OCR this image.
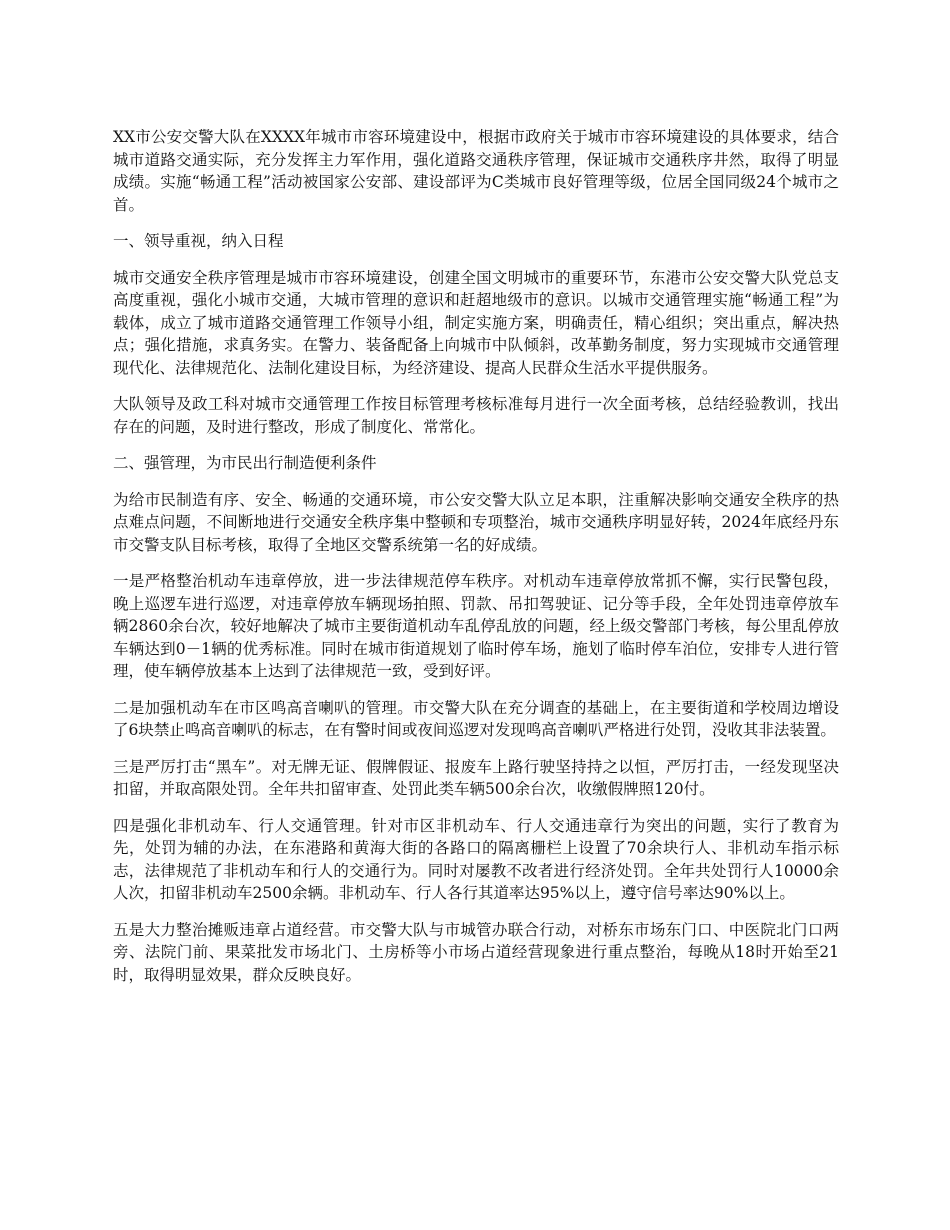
XX市公安交警大队在XXXX年城市市容环境建设中，根据市政府关于城市市容环境建设的具体要求，结合城市道路交通实际，充分发挥主力军作用，强化道路交通秩序管理，保证城市交通秩序井然，取得了明显成绩。实施“畅通工程”活动被国家公安部、建设部评为C类城市良好管理等级，位居全国同级24个城市之首。

一、领导重视，纳入日程

城市交通安全秩序管理是城市市容环境建设，创建全国文明城市的重要环节，东港市公安交警大队党总支高度重视，强化小城市交通，大城市管理的意识和赶超地级市的意识。以城市交通管理实施“畅通工程”为载体，成立了城市道路交通管理工作领导小组，制定实施方案，明确责任，精心组织；突出重点，解决热点；强化措施，求真务实。在警力、装备配备上向城市中队倾斜，改革勤务制度，努力实现城市交通管理现代化、法律规范化、法制化建设目标，为经济建设、提高人民群众生活水平提供服务。

大队领导及政工科对城市交通管理工作按目标管理考核标准每月进行一次全面考核，总结经验教训，找出存在的问题，及时进行整改，形成了制度化、常常化。

二、强管理，为市民出行制造便利条件

为给市民制造有序、安全、畅通的交通环境，市公安交警大队立足本职，注重解决影响交通安全秩序的热点难点问题，不间断地进行交通安全秩序集中整顿和专项整治，城市交通秩序明显好转，2024年底经丹东市交警支队目标考核，取得了全地区交警系统第一名的好成绩。

一是严格整治机动车违章停放，进一步法律规范停车秩序。对机动车违章停放常抓不懈，实行民警包段，晚上巡逻车进行巡逻，对违章停放车辆现场拍照、罚款、吊扣驾驶证、记分等手段，全年处罚违章停放车辆2860余台次，较好地解决了城市主要街道机动车乱停乱放的问题，经上级交警部门考核，每公里乱停放车辆达到0－1辆的优秀标准。同时在城市街道规划了临时停车场，施划了临时停车泊位，安排专人进行管理，使车辆停放基本上达到了法律规范一致，受到好评。

二是加强机动车在市区鸣高音喇叭的管理。市交警大队在充分调查的基础上，在主要街道和学校周边增设了6块禁止鸣高音喇叭的标志，在有警时间或夜间巡逻对发现鸣高音喇叭严格进行处罚，没收其非法装置。

三是严厉打击“黑车”。对无牌无证、假牌假证、报废车上路行驶坚持持之以恒，严厉打击，一经发现坚决扣留，并取高限处罚。全年共扣留审查、处罚此类车辆500余台次，收缴假牌照120付。

四是强化非机动车、行人交通管理。针对市区非机动车、行人交通违章行为突出的问题，实行了教育为先，处罚为辅的办法，在东港路和黄海大街的各路口的隔离栅栏上设置了70余块行人、非机动车指示标志，法律规范了非机动车和行人的交通行为。同时对屡教不改者进行经济处罚。全年共处罚行人10000余人次，扣留非机动车2500余辆。非机动车、行人各行其道率达95%以上，遵守信号率达90%以上。

五是大力整治摊贩违章占道经营。市交警大队与市城管办联合行动，对桥东市场东门口、中医院北门口两旁、法院门前、果菜批发市场北门、土房桥等小市场占道经营现象进行重点整治，每晚从18时开始至21时，取得明显效果，群众反映良好。
